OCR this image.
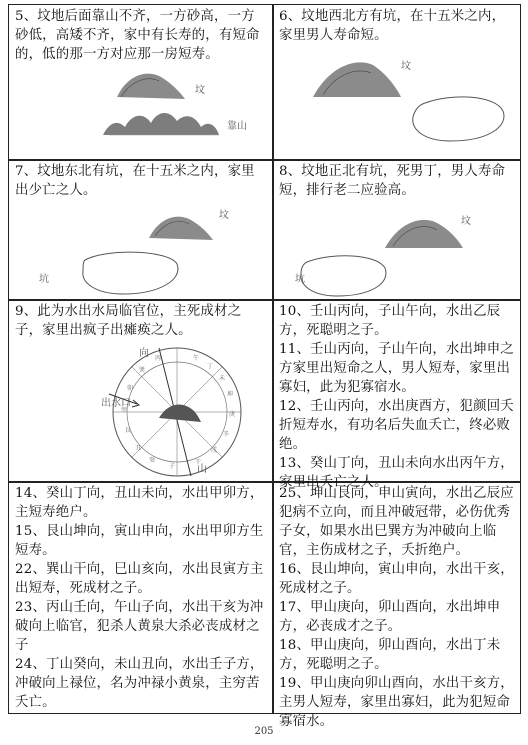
5、坟地后面靠山不齐，一方砂高，一方砂低，高矮不齐，家中有长寿的，有短命的，低的那一方对应那一房短寿。
坟
靠山
6、坟地西北方有坑，在十五米之内，家里男人寿命短。
坟
7、坟地东北有坑，在十五米之内，家里出少亡之人。
坟
坑
8、坟地正北有坑，死男丁，男人寿命短，排行老二应验高。
坟
坑
9、此为水出水局临官位，主死成材之子，家里出疯子出瘫痪之人。
午
丁
未
坤
庚
辛
戌
干
子
癸
丑
艮
甲
卯
巽
丙
向
出水口
山

10、壬山丙向，子山午向，水出乙辰方，死聪明之子。

11、壬山丙向，子山午向，水出坤申之方家里出短命之人，男人短寿，家里出寡妇，此为犯寡宿水。

12、壬山丙向，水出庚酉方，犯颜回夭折短寿水，有功名后失血夭亡，终必败绝。

13、癸山丁向，丑山未向水出丙午方，家里出夭亡之人。

14、癸山丁向，丑山未向，水出甲卯方，主短寿绝户。

15、艮山坤向，寅山申向，水出甲卯方生短寿。

22、巽山干向，巳山亥向，水出艮寅方主出短寿，死成材之子。

23、丙山壬向，午山子向，水出干亥为冲破向上临官，犯杀人黄泉大杀必丧成材之子

24、丁山癸向，未山丑向，水出壬子方，冲破向上禄位，名为冲禄小黄泉，主穷苦夭亡。

25、坤山艮向，申山寅向，水出乙辰应犯病不立向，而且冲破冠带，必伤优秀子女，如果水出巳巽方为冲破向上临官，主伤成材之子，夭折绝户。

16、艮山坤向，寅山申向，水出干亥，死成材之子。

17、甲山庚向，卯山酉向，水出坤申方，必丧成才之子。

18、甲山庚向，卯山酉向，水出丁未方，死聪明之子。

19、甲山庚向卯山酉向，水出干亥方，主男人短寿，家里出寡妇，此为犯短命寡宿水。

205
